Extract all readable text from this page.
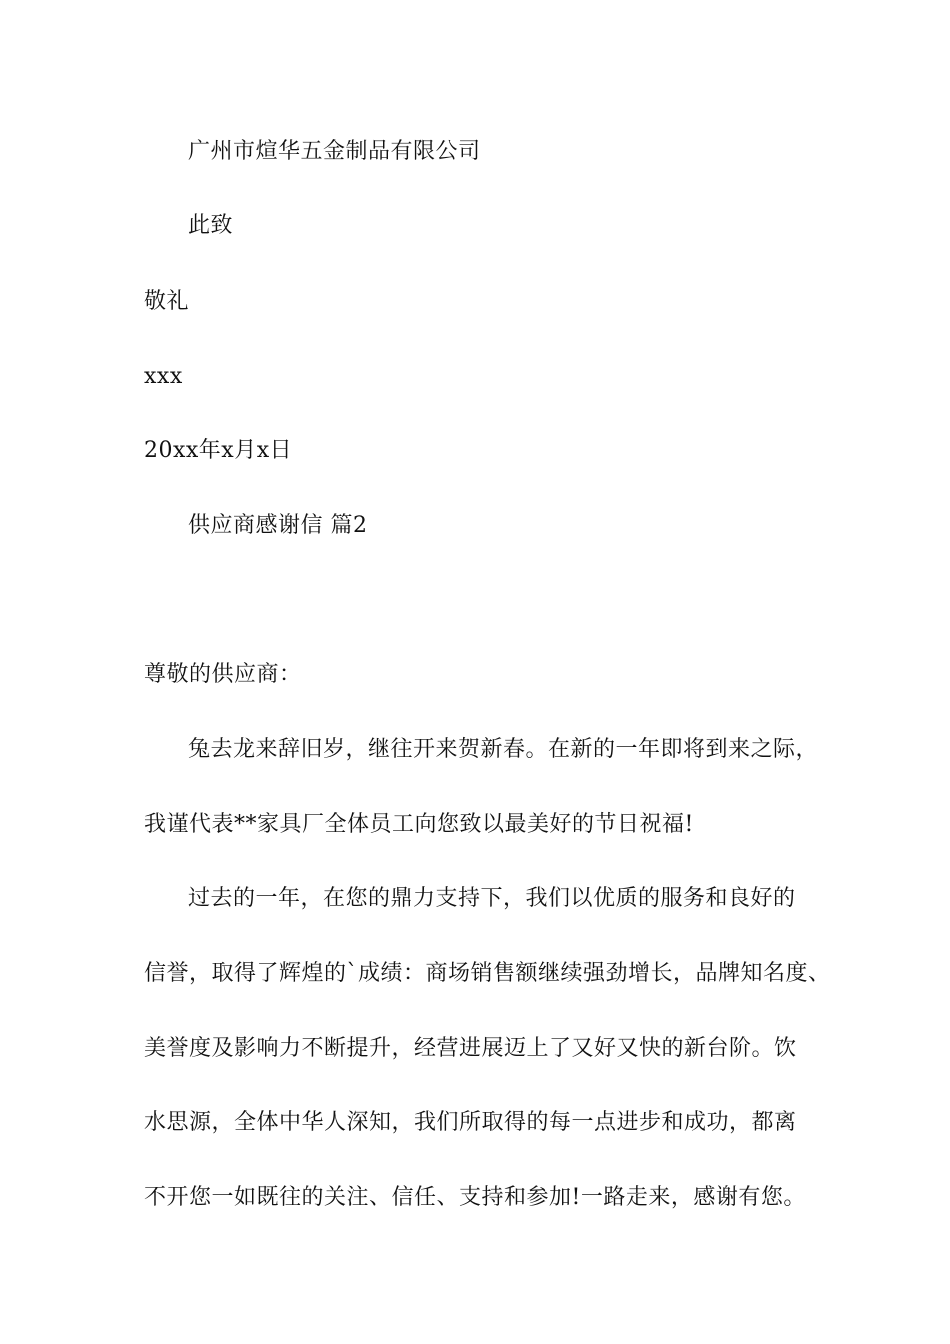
广州市煊华五金制品有限公司
此致
敬礼
xxx
20xx年x月x日
供应商感谢信 篇2
尊敬的供应商：
兔去龙来辞旧岁，继往开来贺新春。在新的一年即将到来之际，
我谨代表**家具厂全体员工向您致以最美好的节日祝福!
过去的一年，在您的鼎力支持下，我们以优质的服务和良好的
信誉，取得了辉煌的`成绩：商场销售额继续强劲增长，品牌知名度、
美誉度及影响力不断提升，经营进展迈上了又好又快的新台阶。饮
水思源，全体中华人深知，我们所取得的每一点进步和成功，都离
不开您一如既往的关注、信任、支持和参加!一路走来，感谢有您。
